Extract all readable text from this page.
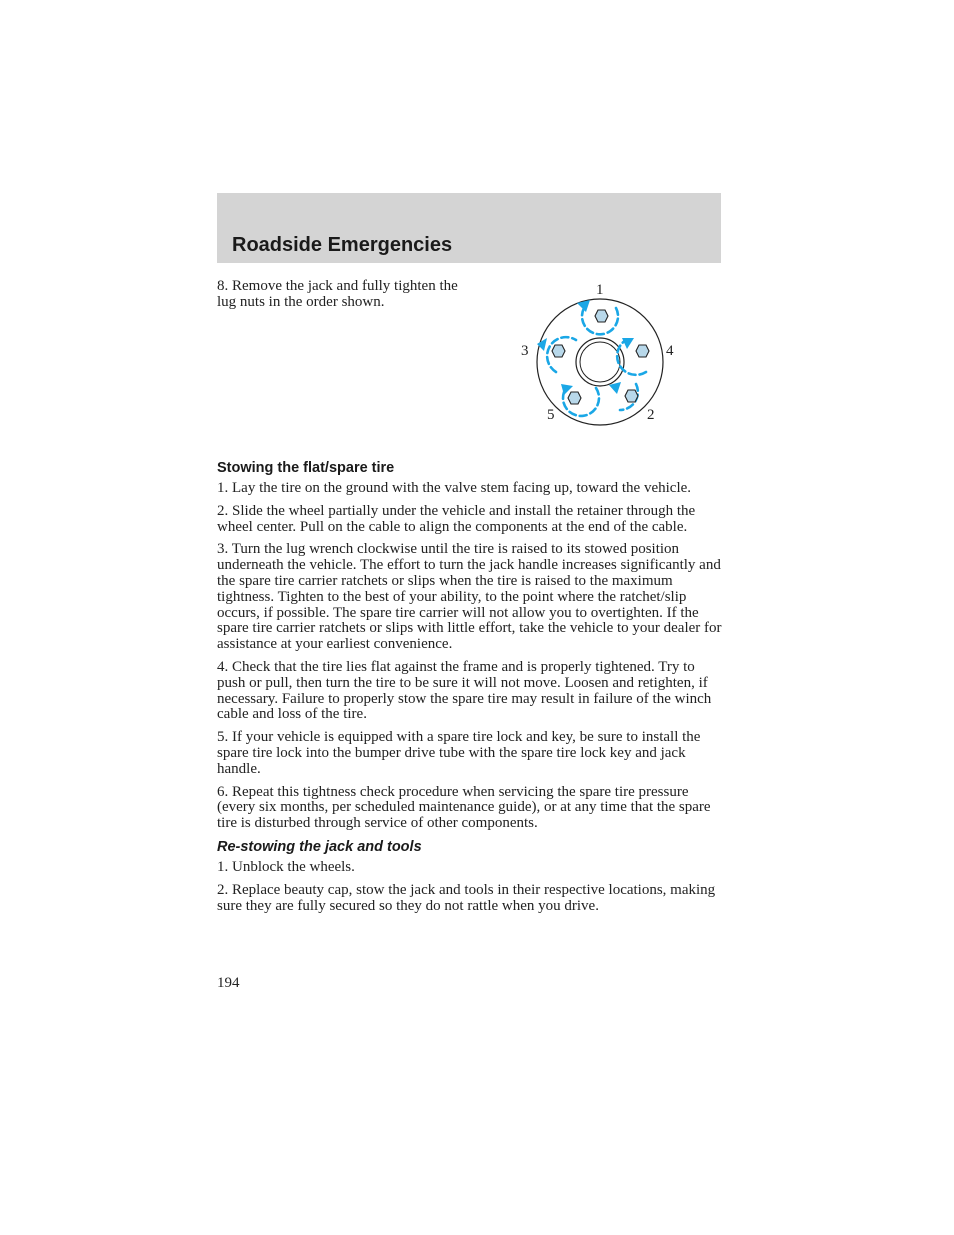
Roadside Emergencies
8. Remove the jack and fully tighten the lug nuts in the order shown.
1
2
3	4
5
Stowing the flat/spare tire

1. Lay the tire on the ground with the valve stem facing up, toward the vehicle.

2. Slide the wheel partially under the vehicle and install the retainer through the wheel center. Pull on the cable to align the components at the end of the cable.

3. Turn the lug wrench clockwise until the tire is raised to its stowed position underneath the vehicle. The effort to turn the jack handle increases significantly and the spare tire carrier ratchets or slips when the tire is raised to the maximum tightness. Tighten to the best of your ability, to the point where the ratchet/slip occurs, if possible. The spare tire carrier will not allow you to overtighten. If the spare tire carrier ratchets or slips with little effort, take the vehicle to your dealer for assistance at your earliest convenience.

4. Check that the tire lies flat against the frame and is properly tightened. Try to push or pull, then turn the tire to be sure it will not move. Loosen and retighten, if necessary. Failure to properly stow the spare tire may result in failure of the winch cable and loss of the tire.

5. If your vehicle is equipped with a spare tire lock and key, be sure to install the spare tire lock into the bumper drive tube with the spare tire lock key and jack handle.

6. Repeat this tightness check procedure when servicing the spare tire pressure (every six months, per scheduled maintenance guide), or at any time that the spare tire is disturbed through service of other components.

Re-stowing the jack and tools

1. Unblock the wheels.

2. Replace beauty cap, stow the jack and tools in their respective locations, making sure they are fully secured so they do not rattle when you drive.

194
